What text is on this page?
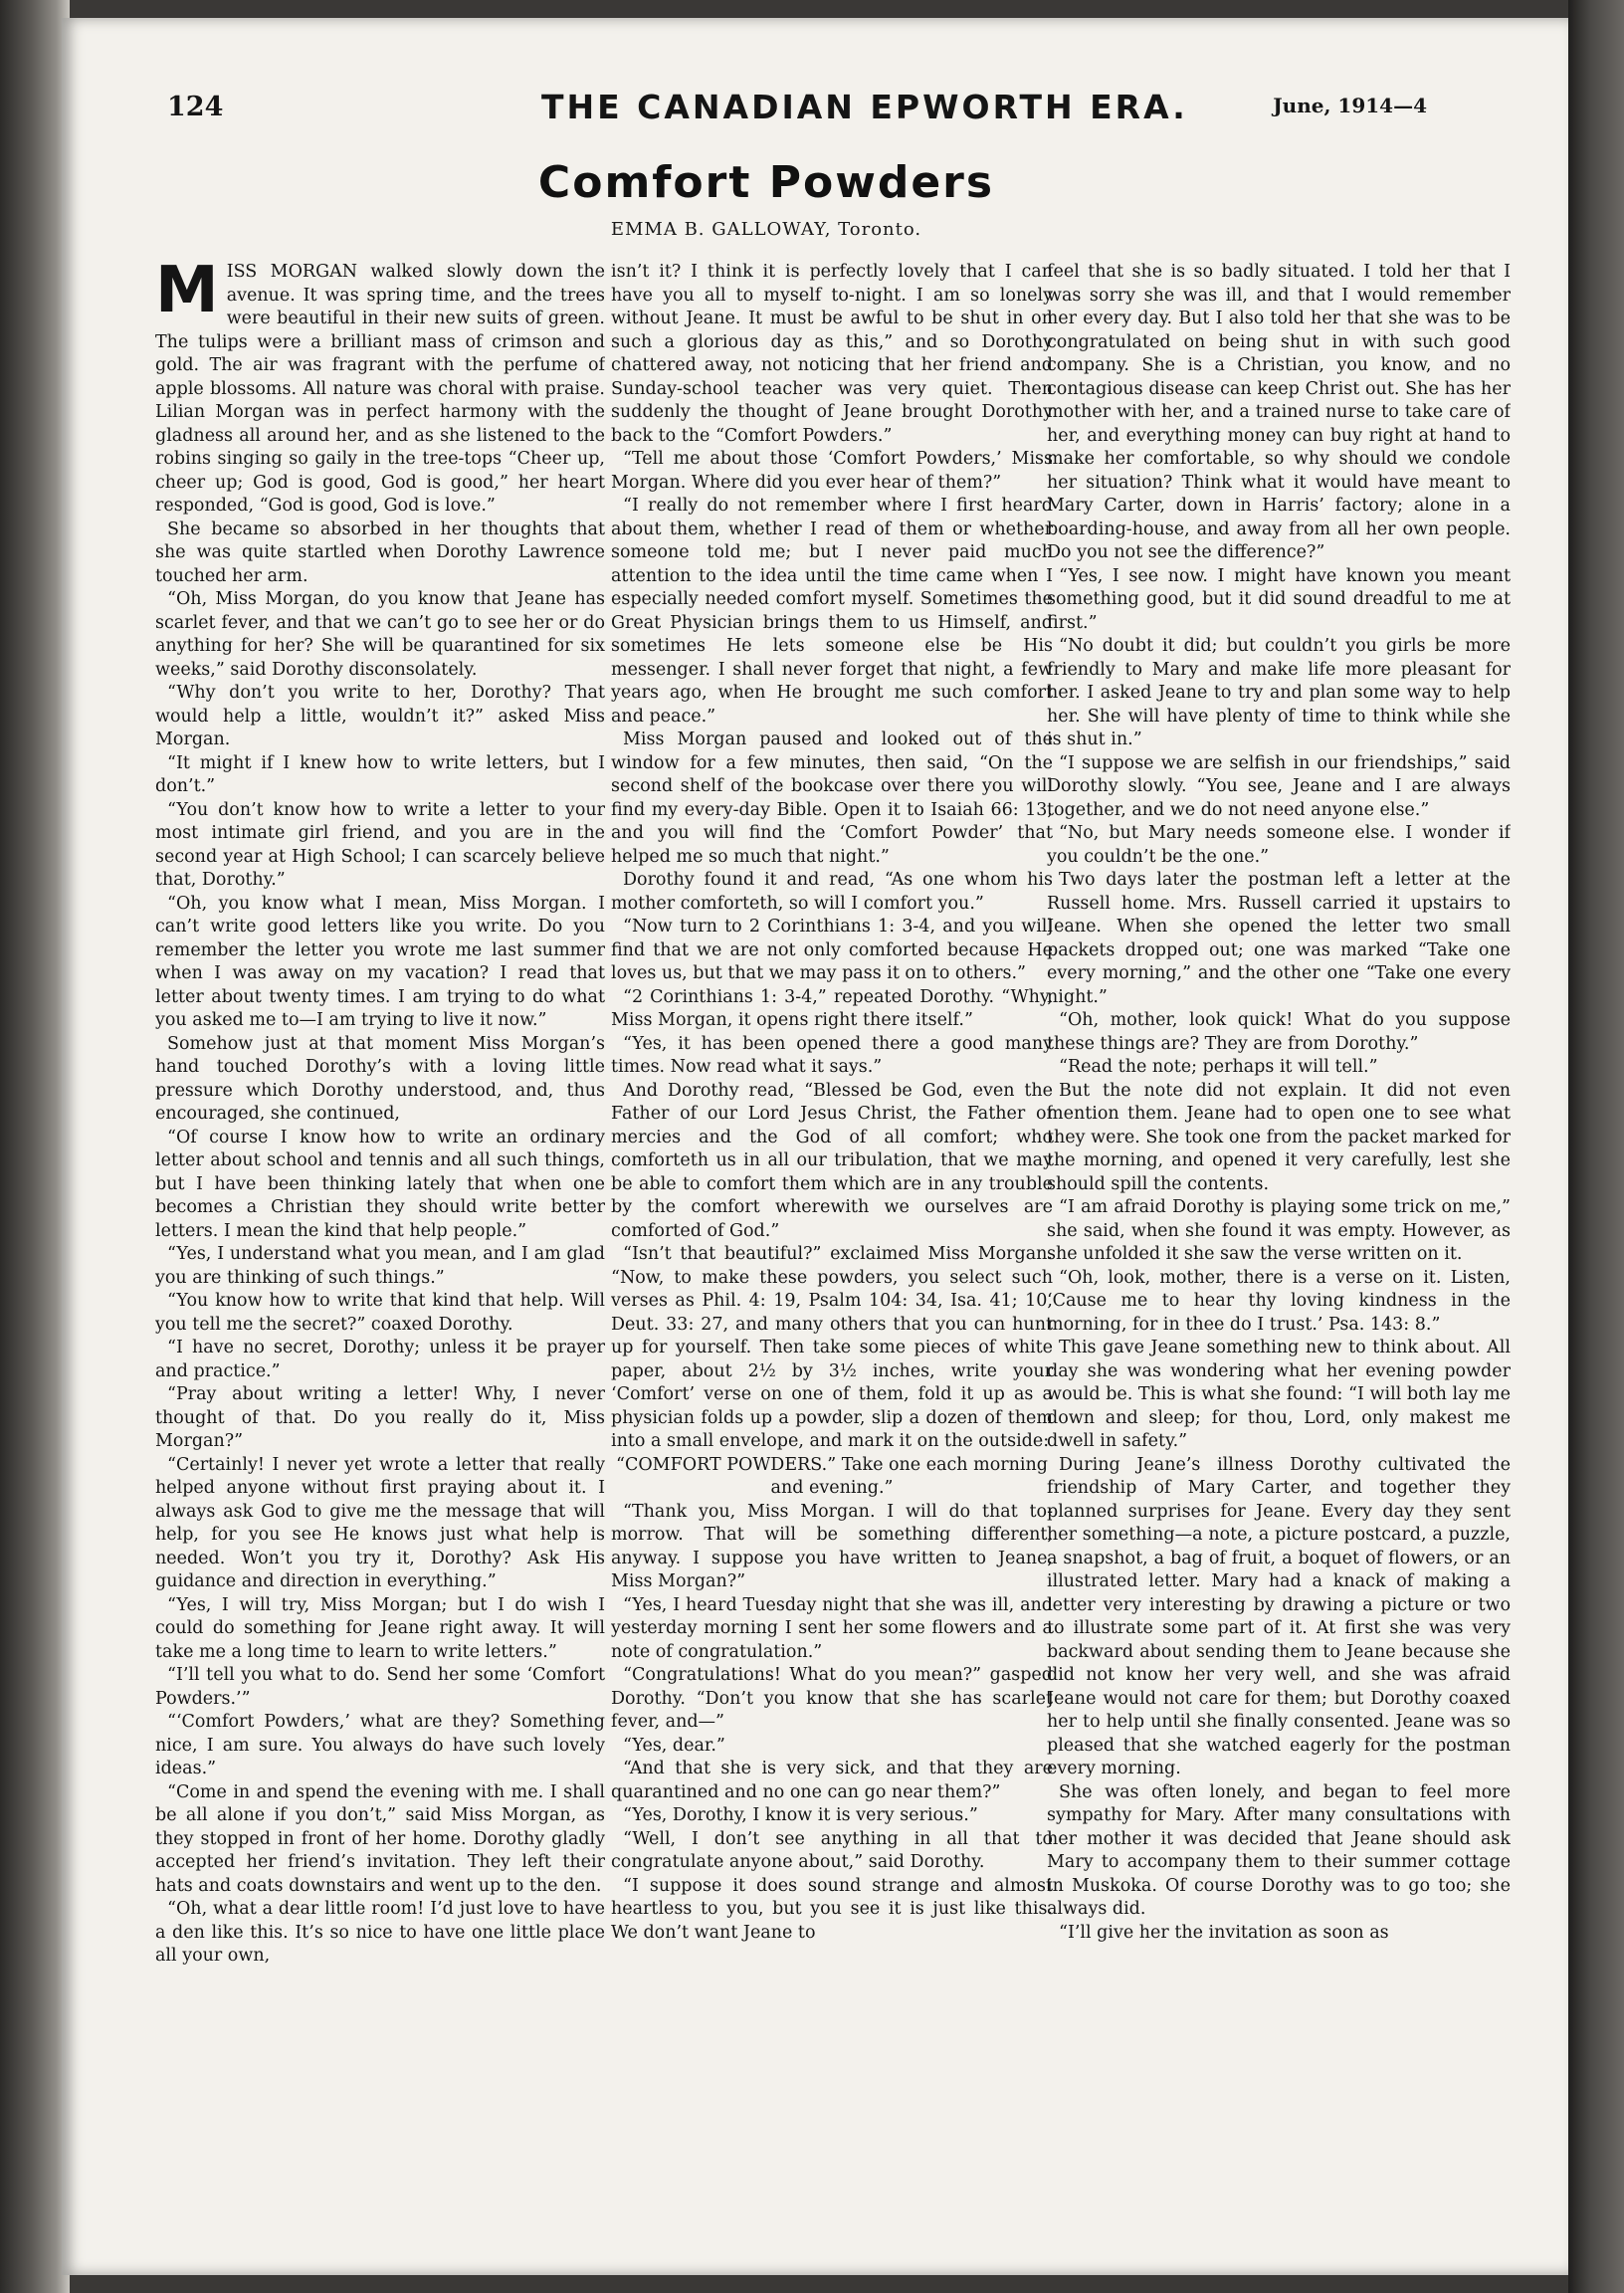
124	THE CANADIAN EPWORTH ERA.	June, 1914—4
Comfort Powders
EMMA B. GALLOWAY, Toronto.

MISS MORGAN walked slowly down the avenue. It was spring time, and the trees were beautiful in their new suits of green. The tulips were a brilliant mass of crimson and gold. The air was fragrant with the perfume of apple blossoms. All nature was choral with praise. Lilian Morgan was in perfect harmony with the gladness all around her, and as she listened to the robins singing so gaily in the tree-tops “Cheer up, cheer up; God is good, God is good,” her heart responded, “God is good, God is love.”

She became so absorbed in her thoughts that she was quite startled when Dorothy Lawrence touched her arm.

“Oh, Miss Morgan, do you know that Jeane has scarlet fever, and that we can’t go to see her or do anything for her? She will be quarantined for six weeks,” said Dorothy disconsolately.

“Why don’t you write to her, Dorothy? That would help a little, wouldn’t it?” asked Miss Morgan.

“It might if I knew how to write letters, but I don’t.”

“You don’t know how to write a letter to your most intimate girl friend, and you are in the second year at High School; I can scarcely believe that, Dorothy.”

“Oh, you know what I mean, Miss Morgan. I can’t write good letters like you write. Do you remember the letter you wrote me last summer when I was away on my vacation? I read that letter about twenty times. I am trying to do what you asked me to—I am trying to live it now.”

Somehow just at that moment Miss Morgan’s hand touched Dorothy’s with a loving little pressure which Dorothy understood, and, thus encouraged, she continued,

“Of course I know how to write an ordinary letter about school and tennis and all such things, but I have been thinking lately that when one becomes a Christian they should write better letters. I mean the kind that help people.”

“Yes, I understand what you mean, and I am glad you are thinking of such things.”

“You know how to write that kind that help. Will you tell me the secret?” coaxed Dorothy.

“I have no secret, Dorothy; unless it be prayer and practice.”

“Pray about writing a letter! Why, I never thought of that. Do you really do it, Miss Morgan?”

“Certainly! I never yet wrote a letter that really helped anyone without first praying about it. I always ask God to give me the message that will help, for you see He knows just what help is needed. Won’t you try it, Dorothy? Ask His guidance and direction in everything.”

“Yes, I will try, Miss Morgan; but I do wish I could do something for Jeane right away. It will take me a long time to learn to write letters.”

“I’ll tell you what to do. Send her some ‘Comfort Powders.’”

“‘Comfort Powders,’ what are they? Something nice, I am sure. You always do have such lovely ideas.”

“Come in and spend the evening with me. I shall be all alone if you don’t,” said Miss Morgan, as they stopped in front of her home. Dorothy gladly accepted her friend’s invitation. They left their hats and coats downstairs and went up to the den.

“Oh, what a dear little room! I’d just love to have a den like this. It’s so nice to have one little place all your own,

isn’t it? I think it is perfectly lovely that I can have you all to myself to-night. I am so lonely without Jeane. It must be awful to be shut in on such a glorious day as this,” and so Dorothy chattered away, not noticing that her friend and Sunday-school teacher was very quiet. Then suddenly the thought of Jeane brought Dorothy back to the “Comfort Powders.”

“Tell me about those ‘Comfort Powders,’ Miss Morgan. Where did you ever hear of them?”

“I really do not remember where I first heard about them, whether I read of them or whether someone told me; but I never paid much attention to the idea until the time came when I especially needed comfort myself. Sometimes the Great Physician brings them to us Himself, and sometimes He lets someone else be His messenger. I shall never forget that night, a few years ago, when He brought me such comfort and peace.”

Miss Morgan paused and looked out of the window for a few minutes, then said, “On the second shelf of the bookcase over there you will find my every-day Bible. Open it to Isaiah 66: 13, and you will find the ‘Comfort Powder’ that helped me so much that night.”

Dorothy found it and read, “As one whom his mother comforteth, so will I comfort you.”

“Now turn to 2 Corinthians 1: 3-4, and you will find that we are not only comforted because He loves us, but that we may pass it on to others.”

“2 Corinthians 1: 3-4,” repeated Dorothy. “Why, Miss Morgan, it opens right there itself.”

“Yes, it has been opened there a good many times. Now read what it says.”

And Dorothy read, “Blessed be God, even the Father of our Lord Jesus Christ, the Father of mercies and the God of all comfort; who comforteth us in all our tribulation, that we may be able to comfort them which are in any trouble by the comfort wherewith we ourselves are comforted of God.”

“Isn’t that beautiful?” exclaimed Miss Morgan. “Now, to make these powders, you select such verses as Phil. 4: 19, Psalm 104: 34, Isa. 41; 10, Deut. 33: 27, and many others that you can hunt up for yourself. Then take some pieces of white paper, about 2½ by 3½ inches, write your ‘Comfort’ verse on one of them, fold it up as a physician folds up a powder, slip a dozen of them into a small envelope, and mark it on the outside:

“COMFORT POWDERS.” Take one each morning and evening.”

“Thank you, Miss Morgan. I will do that to-morrow. That will be something different, anyway. I suppose you have written to Jeane, Miss Morgan?”

“Yes, I heard Tuesday night that she was ill, and yesterday morning I sent her some flowers and a note of congratulation.”

“Congratulations! What do you mean?” gasped Dorothy. “Don’t you know that she has scarlet fever, and—”

“Yes, dear.”

“And that she is very sick, and that they are quarantined and no one can go near them?”

“Yes, Dorothy, I know it is very serious.”

“Well, I don’t see anything in all that to congratulate anyone about,” said Dorothy.

“I suppose it does sound strange and almost heartless to you, but you see it is just like this. We don’t want Jeane to

feel that she is so badly situated. I told her that I was sorry she was ill, and that I would remember her every day. But I also told her that she was to be congratulated on being shut in with such good company. She is a Christian, you know, and no contagious disease can keep Christ out. She has her mother with her, and a trained nurse to take care of her, and everything money can buy right at hand to make her comfortable, so why should we condole her situation? Think what it would have meant to Mary Carter, down in Harris’ factory; alone in a boarding-house, and away from all her own people. Do you not see the difference?”

“Yes, I see now. I might have known you meant something good, but it did sound dreadful to me at first.”

“No doubt it did; but couldn’t you girls be more friendly to Mary and make life more pleasant for her. I asked Jeane to try and plan some way to help her. She will have plenty of time to think while she is shut in.”

“I suppose we are selfish in our friendships,” said Dorothy slowly. “You see, Jeane and I are always together, and we do not need anyone else.”

“No, but Mary needs someone else. I wonder if you couldn’t be the one.”

Two days later the postman left a letter at the Russell home. Mrs. Russell carried it upstairs to Jeane. When she opened the letter two small packets dropped out; one was marked “Take one every morning,” and the other one “Take one every night.”

“Oh, mother, look quick! What do you suppose these things are? They are from Dorothy.”

“Read the note; perhaps it will tell.”

But the note did not explain. It did not even mention them. Jeane had to open one to see what they were. She took one from the packet marked for the morning, and opened it very carefully, lest she should spill the contents.

“I am afraid Dorothy is playing some trick on me,” she said, when she found it was empty. However, as she unfolded it she saw the verse written on it.

“Oh, look, mother, there is a verse on it. Listen, ‘Cause me to hear thy loving kindness in the morning, for in thee do I trust.’ Psa. 143: 8.”

This gave Jeane something new to think about. All day she was wondering what her evening powder would be. This is what she found: “I will both lay me down and sleep; for thou, Lord, only makest me dwell in safety.”

During Jeane’s illness Dorothy cultivated the friendship of Mary Carter, and together they planned surprises for Jeane. Every day they sent her something—a note, a picture postcard, a puzzle, a snapshot, a bag of fruit, a boquet of flowers, or an illustrated letter. Mary had a knack of making a letter very interesting by drawing a picture or two to illustrate some part of it. At first she was very backward about sending them to Jeane because she did not know her very well, and she was afraid Jeane would not care for them; but Dorothy coaxed her to help until she finally consented. Jeane was so pleased that she watched eagerly for the postman every morning.

She was often lonely, and began to feel more sympathy for Mary. After many consultations with her mother it was decided that Jeane should ask Mary to accompany them to their summer cottage in Muskoka. Of course Dorothy was to go too; she always did.

“I’ll give her the invitation as soon as
